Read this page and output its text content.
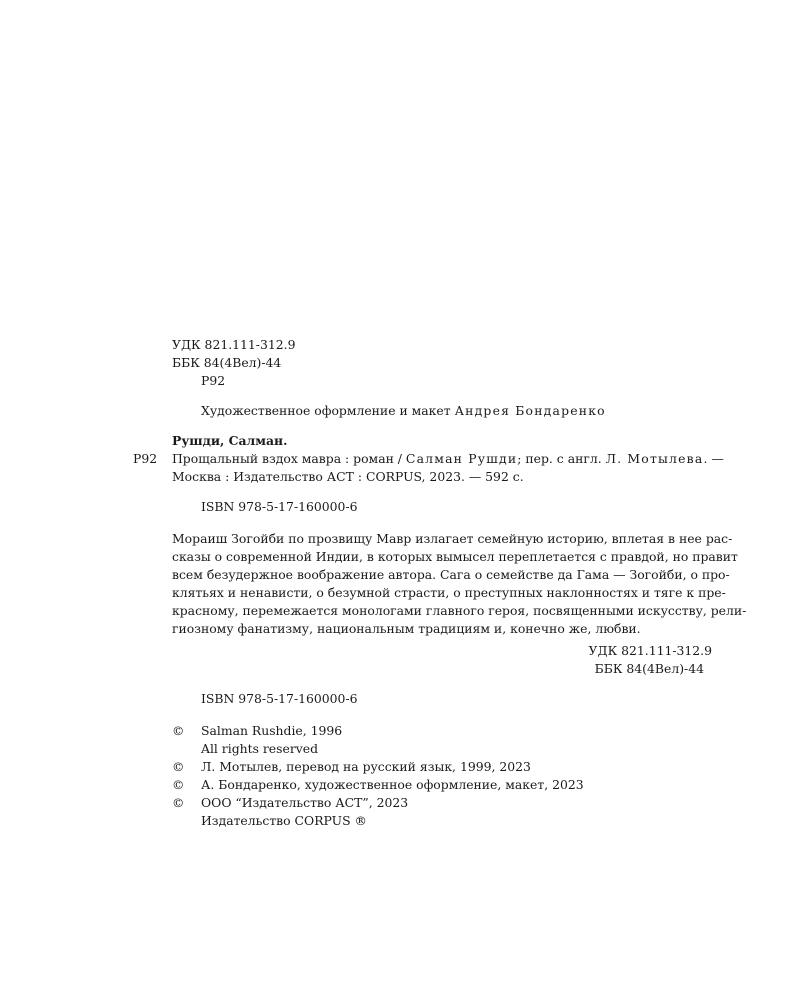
УДК 821.111-312.9
ББК 84(4Вел)-44
Р92
Художественное оформление и макет Андрея Бондаренко
Рушди, Салман.
Р92 Прощальный вздох мавра : роман / Салман Рушди; пер. с англ. Л. Мотылева. —
Москва : Издательство АСТ : CORPUS, 2023. — 592 с.
ISBN 978-5-17-160000-6
Мораиш Зогойби по прозвищу Мавр излагает семейную историю, вплетая в нее рас-
сказы о современной Индии, в которых вымысел переплетается с правдой, но правит
всем безудержное воображение автора. Сага о семействе да Гама — Зогойби, о про-
клятьях и ненависти, о безумной страсти, о преступных наклонностях и тяге к пре-
красному, перемежается монологами главного героя, посвященными искусству, рели-
гиозному фанатизму, национальным традициям и, конечно же, любви.
УДК 821.111-312.9
ББК 84(4Вел)-44
ISBN 978-5-17-160000-6
© Salman Rushdie, 1996
All rights reserved
© Л. Мотылев, перевод на русский язык, 1999, 2023
© А. Бондаренко, художественное оформление, макет, 2023
© ООО “Издательство АСТ”, 2023
Издательство CORPUS ®
